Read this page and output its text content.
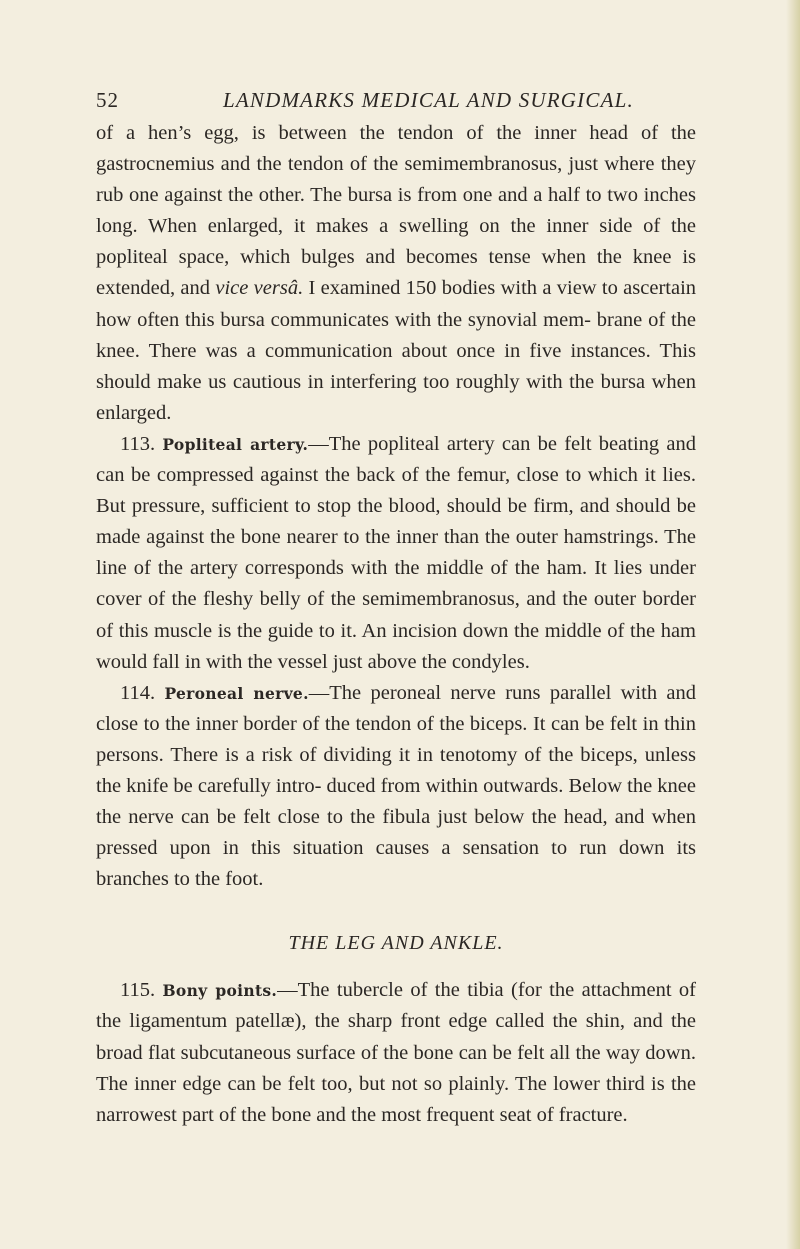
52	LANDMARKS MEDICAL AND SURGICAL.

of a hen’s egg, is between the tendon of the inner head of the gastrocnemius and the tendon of the semimembranosus, just where they rub one against the other. The bursa is from one and a half to two inches long. When enlarged, it makes a swelling on the inner side of the popliteal space, which bulges and becomes tense when the knee is extended, and vice versâ. I examined 150 bodies with a view to ascertain how often this bursa communicates with the synovial mem- brane of the knee. There was a communication about once in five instances. This should make us cautious in interfering too roughly with the bursa when enlarged.

113. Popliteal artery.—The popliteal artery can be felt beating and can be compressed against the back of the femur, close to which it lies. But pressure, sufficient to stop the blood, should be firm, and should be made against the bone nearer to the inner than the outer hamstrings. The line of the artery corresponds with the middle of the ham. It lies under cover of the fleshy belly of the semimembranosus, and the outer border of this muscle is the guide to it. An incision down the middle of the ham would fall in with the vessel just above the condyles.

114. Peroneal nerve.—The peroneal nerve runs parallel with and close to the inner border of the tendon of the biceps. It can be felt in thin persons. There is a risk of dividing it in tenotomy of the biceps, unless the knife be carefully intro- duced from within outwards. Below the knee the nerve can be felt close to the fibula just below the head, and when pressed upon in this situation causes a sensation to run down its branches to the foot.

THE LEG AND ANKLE.

115. Bony points.—The tubercle of the tibia (for the attachment of the ligamentum patellæ), the sharp front edge called the shin, and the broad flat subcutaneous surface of the bone can be felt all the way down. The inner edge can be felt too, but not so plainly. The lower third is the narrowest part of the bone and the most frequent seat of fracture.
